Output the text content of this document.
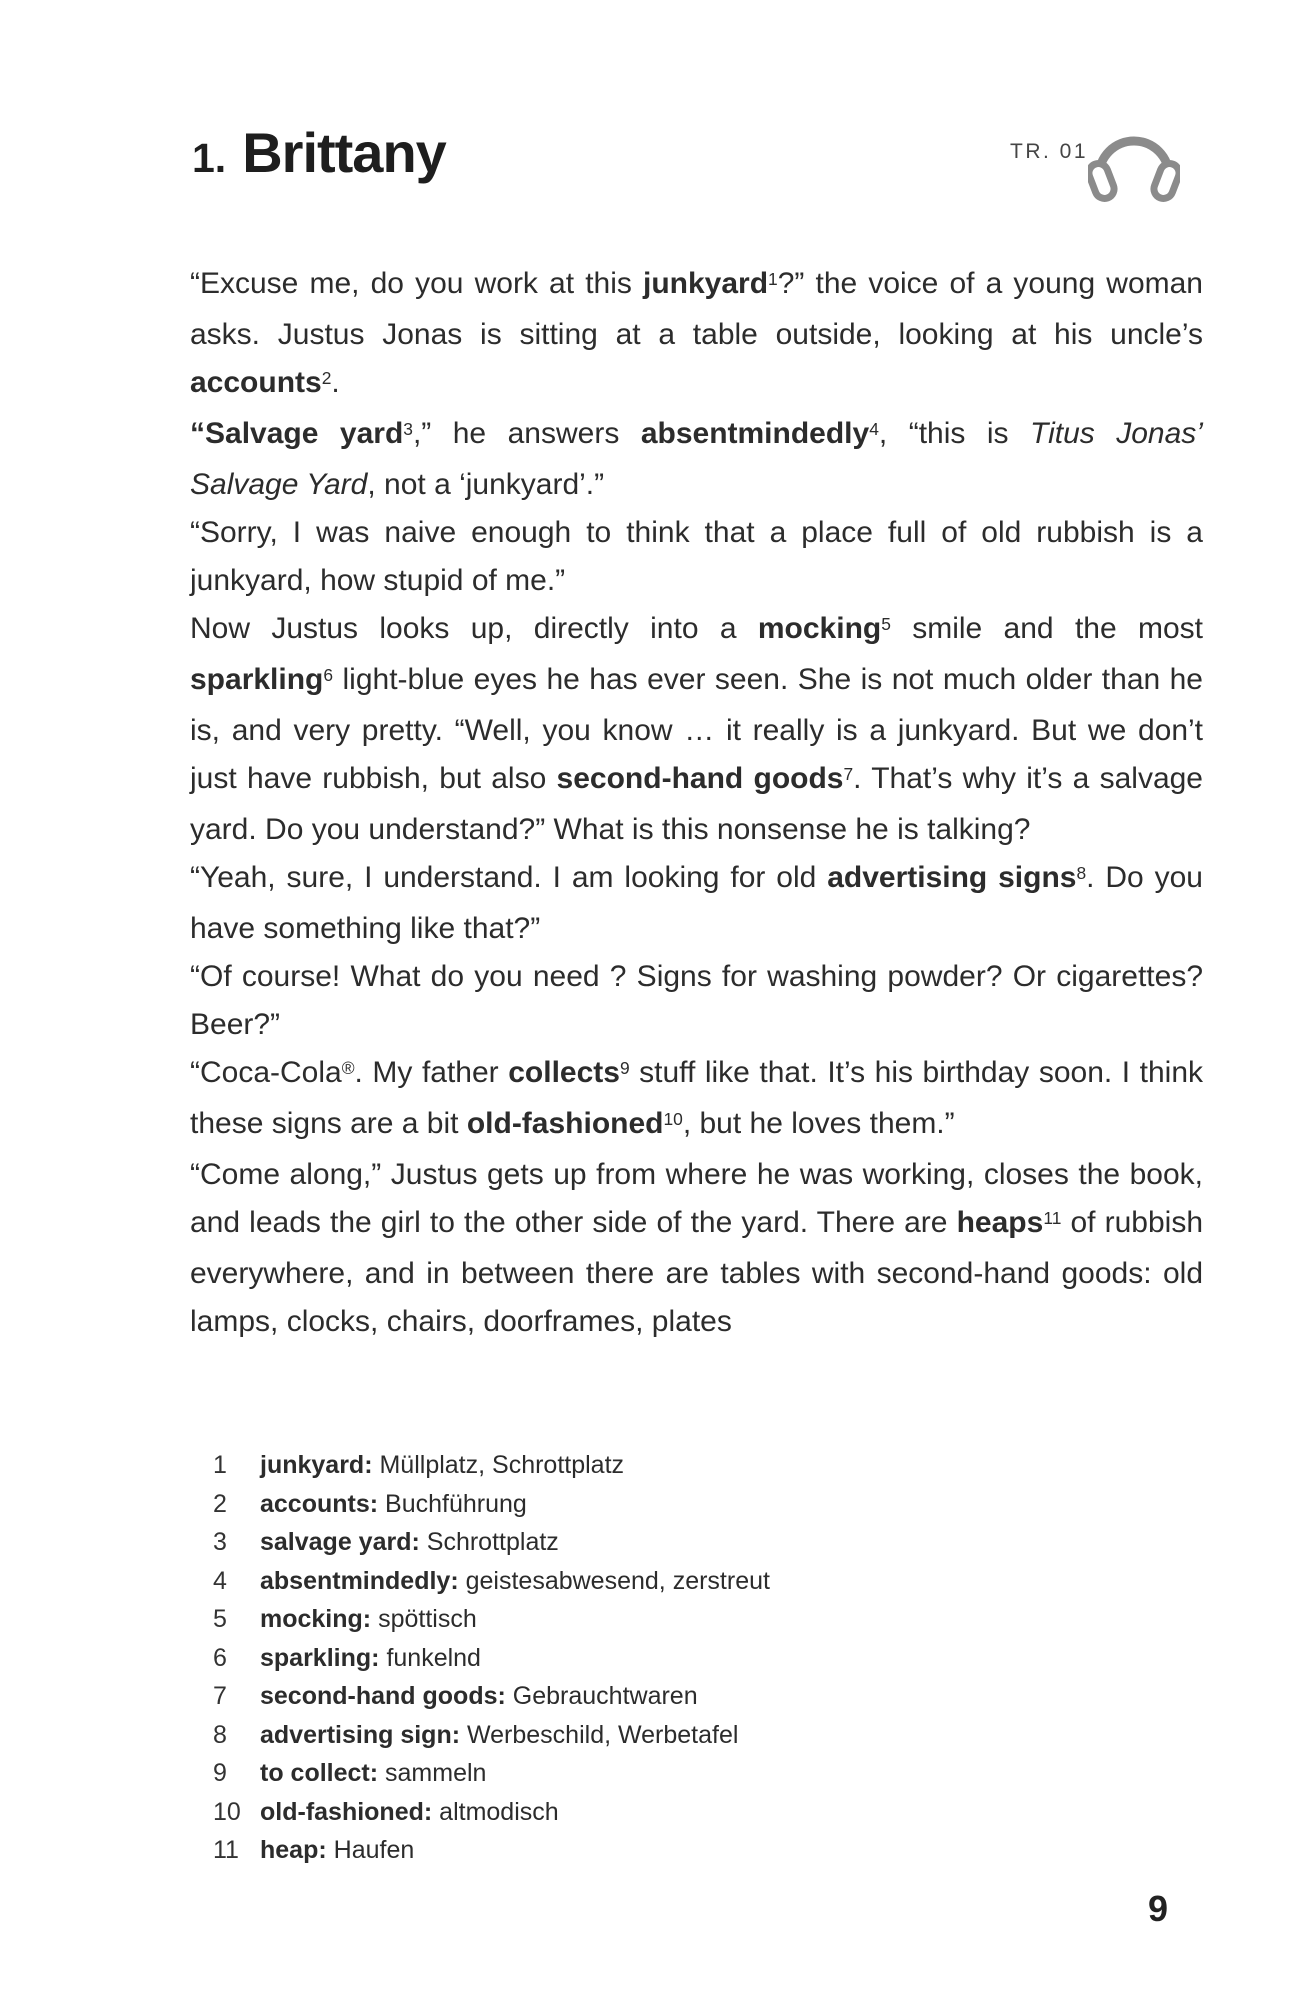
1. Brittany	TR. 01

“Excuse me, do you work at this junkyard$^1$?” the voice of a young woman asks. Justus Jonas is sitting at a table outside, looking at his uncle’s accounts$^2$.

“Salvage yard$^3$,” he answers absentmindedly$^4$, “this is Titus Jonas’ Salvage Yard, not a ‘junkyard’.”

“Sorry, I was naive enough to think that a place full of old rubbish is a junkyard, how stupid of me.”

Now Justus looks up, directly into a mocking$^5$ smile and the most sparkling$^6$ light-blue eyes he has ever seen. She is not much older than he is, and very pretty. “Well, you know … it really is a junkyard. But we don’t just have rubbish, but also second-hand goods$^7$. That’s why it’s a salvage yard. Do you understand?” What is this nonsense he is talking?

“Yeah, sure, I understand. I am looking for old advertising signs$^8$. Do you have something like that?”

“Of course! What do you need ? Signs for washing powder? Or cigarettes? Beer?”

“Coca-Cola®. My father collects$^9$ stuff like that. It’s his birthday soon. I think these signs are a bit old-fashioned$^{10}$, but he loves them.”

“Come along,” Justus gets up from where he was working, closes the book, and leads the girl to the other side of the yard. There are heaps$^{11}$ of rubbish everywhere, and in between there are tables with second-hand goods: old lamps, clocks, chairs, doorframes, plates

1	junkyard: Müllplatz, Schrottplatz
2	accounts: Buchführung
3	salvage yard: Schrottplatz
4	absentmindedly: geistesabwesend, zerstreut
5	mocking: spöttisch
6	sparkling: funkelnd
7	second-hand goods: Gebrauchtwaren
8	advertising sign: Werbeschild, Werbetafel
9	to collect: sammeln
10 old-fashioned: altmodisch
11 heap: Haufen
9
